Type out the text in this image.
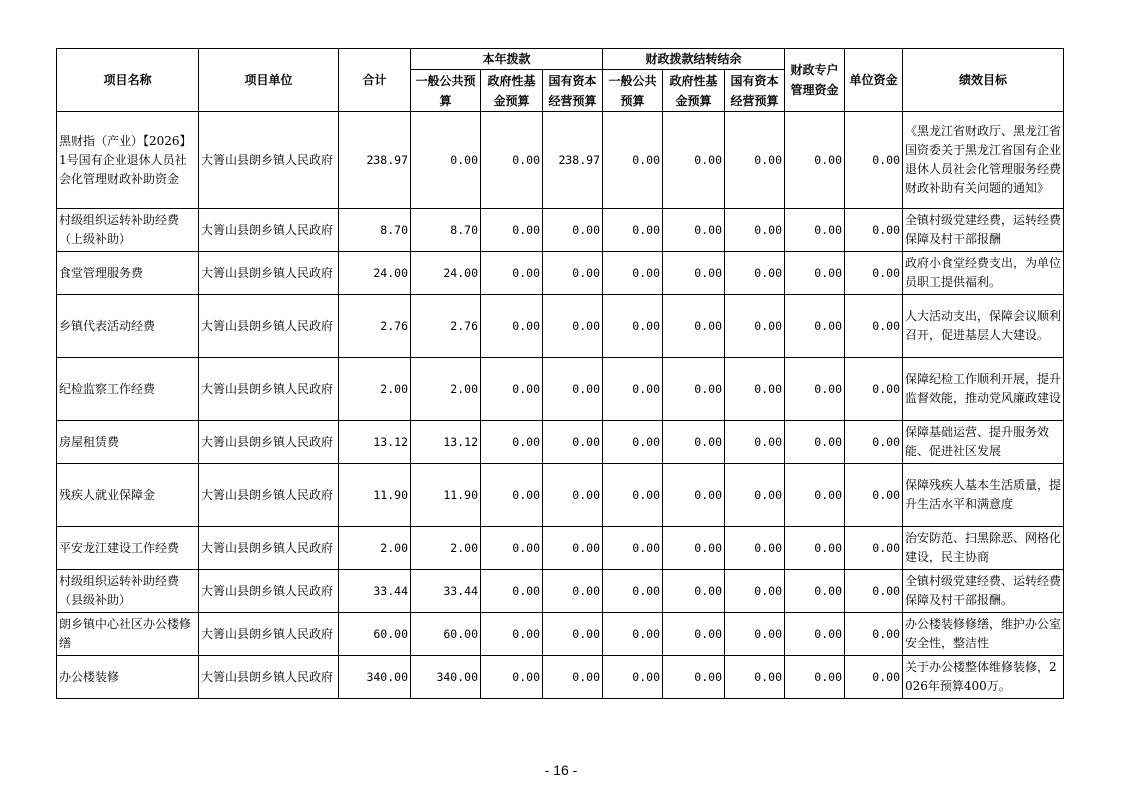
项目名称	项目单位	合计	本年拨款			财政拨款结转结余			财政专户管理资金	单位资金	绩效目标
			一般公共预算	政府性基金预算	国有资本经营预算	一般公共预算	政府性基金预算	国有资本经营预算			
黑财指（产业）【2026】1号国有企业退休人员社会化管理财政补助资金	大箐山县朗乡镇人民政府	238.97	0.00	0.00	238.97	0.00	0.00	0.00	0.00	0.00	《黑龙江省财政厅、黑龙江省国资委关于黑龙江省国有企业退休人员社会化管理服务经费财政补助有关问题的通知》
村级组织运转补助经费（上级补助）	大箐山县朗乡镇人民政府	8.70	8.70	0.00	0.00	0.00	0.00	0.00	0.00	0.00	全镇村级党建经费，运转经费保障及村干部报酬
食堂管理服务费	大箐山县朗乡镇人民政府	24.00	24.00	0.00	0.00	0.00	0.00	0.00	0.00	0.00	政府小食堂经费支出，为单位员职工提供福利。
乡镇代表活动经费	大箐山县朗乡镇人民政府	2.76	2.76	0.00	0.00	0.00	0.00	0.00	0.00	0.00	人大活动支出，保障会议顺利召开，促进基层人大建设。
纪检监察工作经费	大箐山县朗乡镇人民政府	2.00	2.00	0.00	0.00	0.00	0.00	0.00	0.00	0.00	保障纪检工作顺利开展，提升监督效能，推动党风廉政建设
房屋租赁费	大箐山县朗乡镇人民政府	13.12	13.12	0.00	0.00	0.00	0.00	0.00	0.00	0.00	保障基础运营、提升服务效能、促进社区发展
残疾人就业保障金	大箐山县朗乡镇人民政府	11.90	11.90	0.00	0.00	0.00	0.00	0.00	0.00	0.00	保障残疾人基本生活质量，提升生活水平和满意度
平安龙江建设工作经费	大箐山县朗乡镇人民政府	2.00	2.00	0.00	0.00	0.00	0.00	0.00	0.00	0.00	治安防范、扫黑除恶、网格化建设，民主协商
村级组织运转补助经费（县级补助）	大箐山县朗乡镇人民政府	33.44	33.44	0.00	0.00	0.00	0.00	0.00	0.00	0.00	全镇村级党建经费、运转经费保障及村干部报酬。
朗乡镇中心社区办公楼修缮	大箐山县朗乡镇人民政府	60.00	60.00	0.00	0.00	0.00	0.00	0.00	0.00	0.00	办公楼装修修缮，维护办公室安全性，整洁性
办公楼装修	大箐山县朗乡镇人民政府	340.00	340.00	0.00	0.00	0.00	0.00	0.00	0.00	0.00	关于办公楼整体维修装修，2026年预算400万。
- 16 -
